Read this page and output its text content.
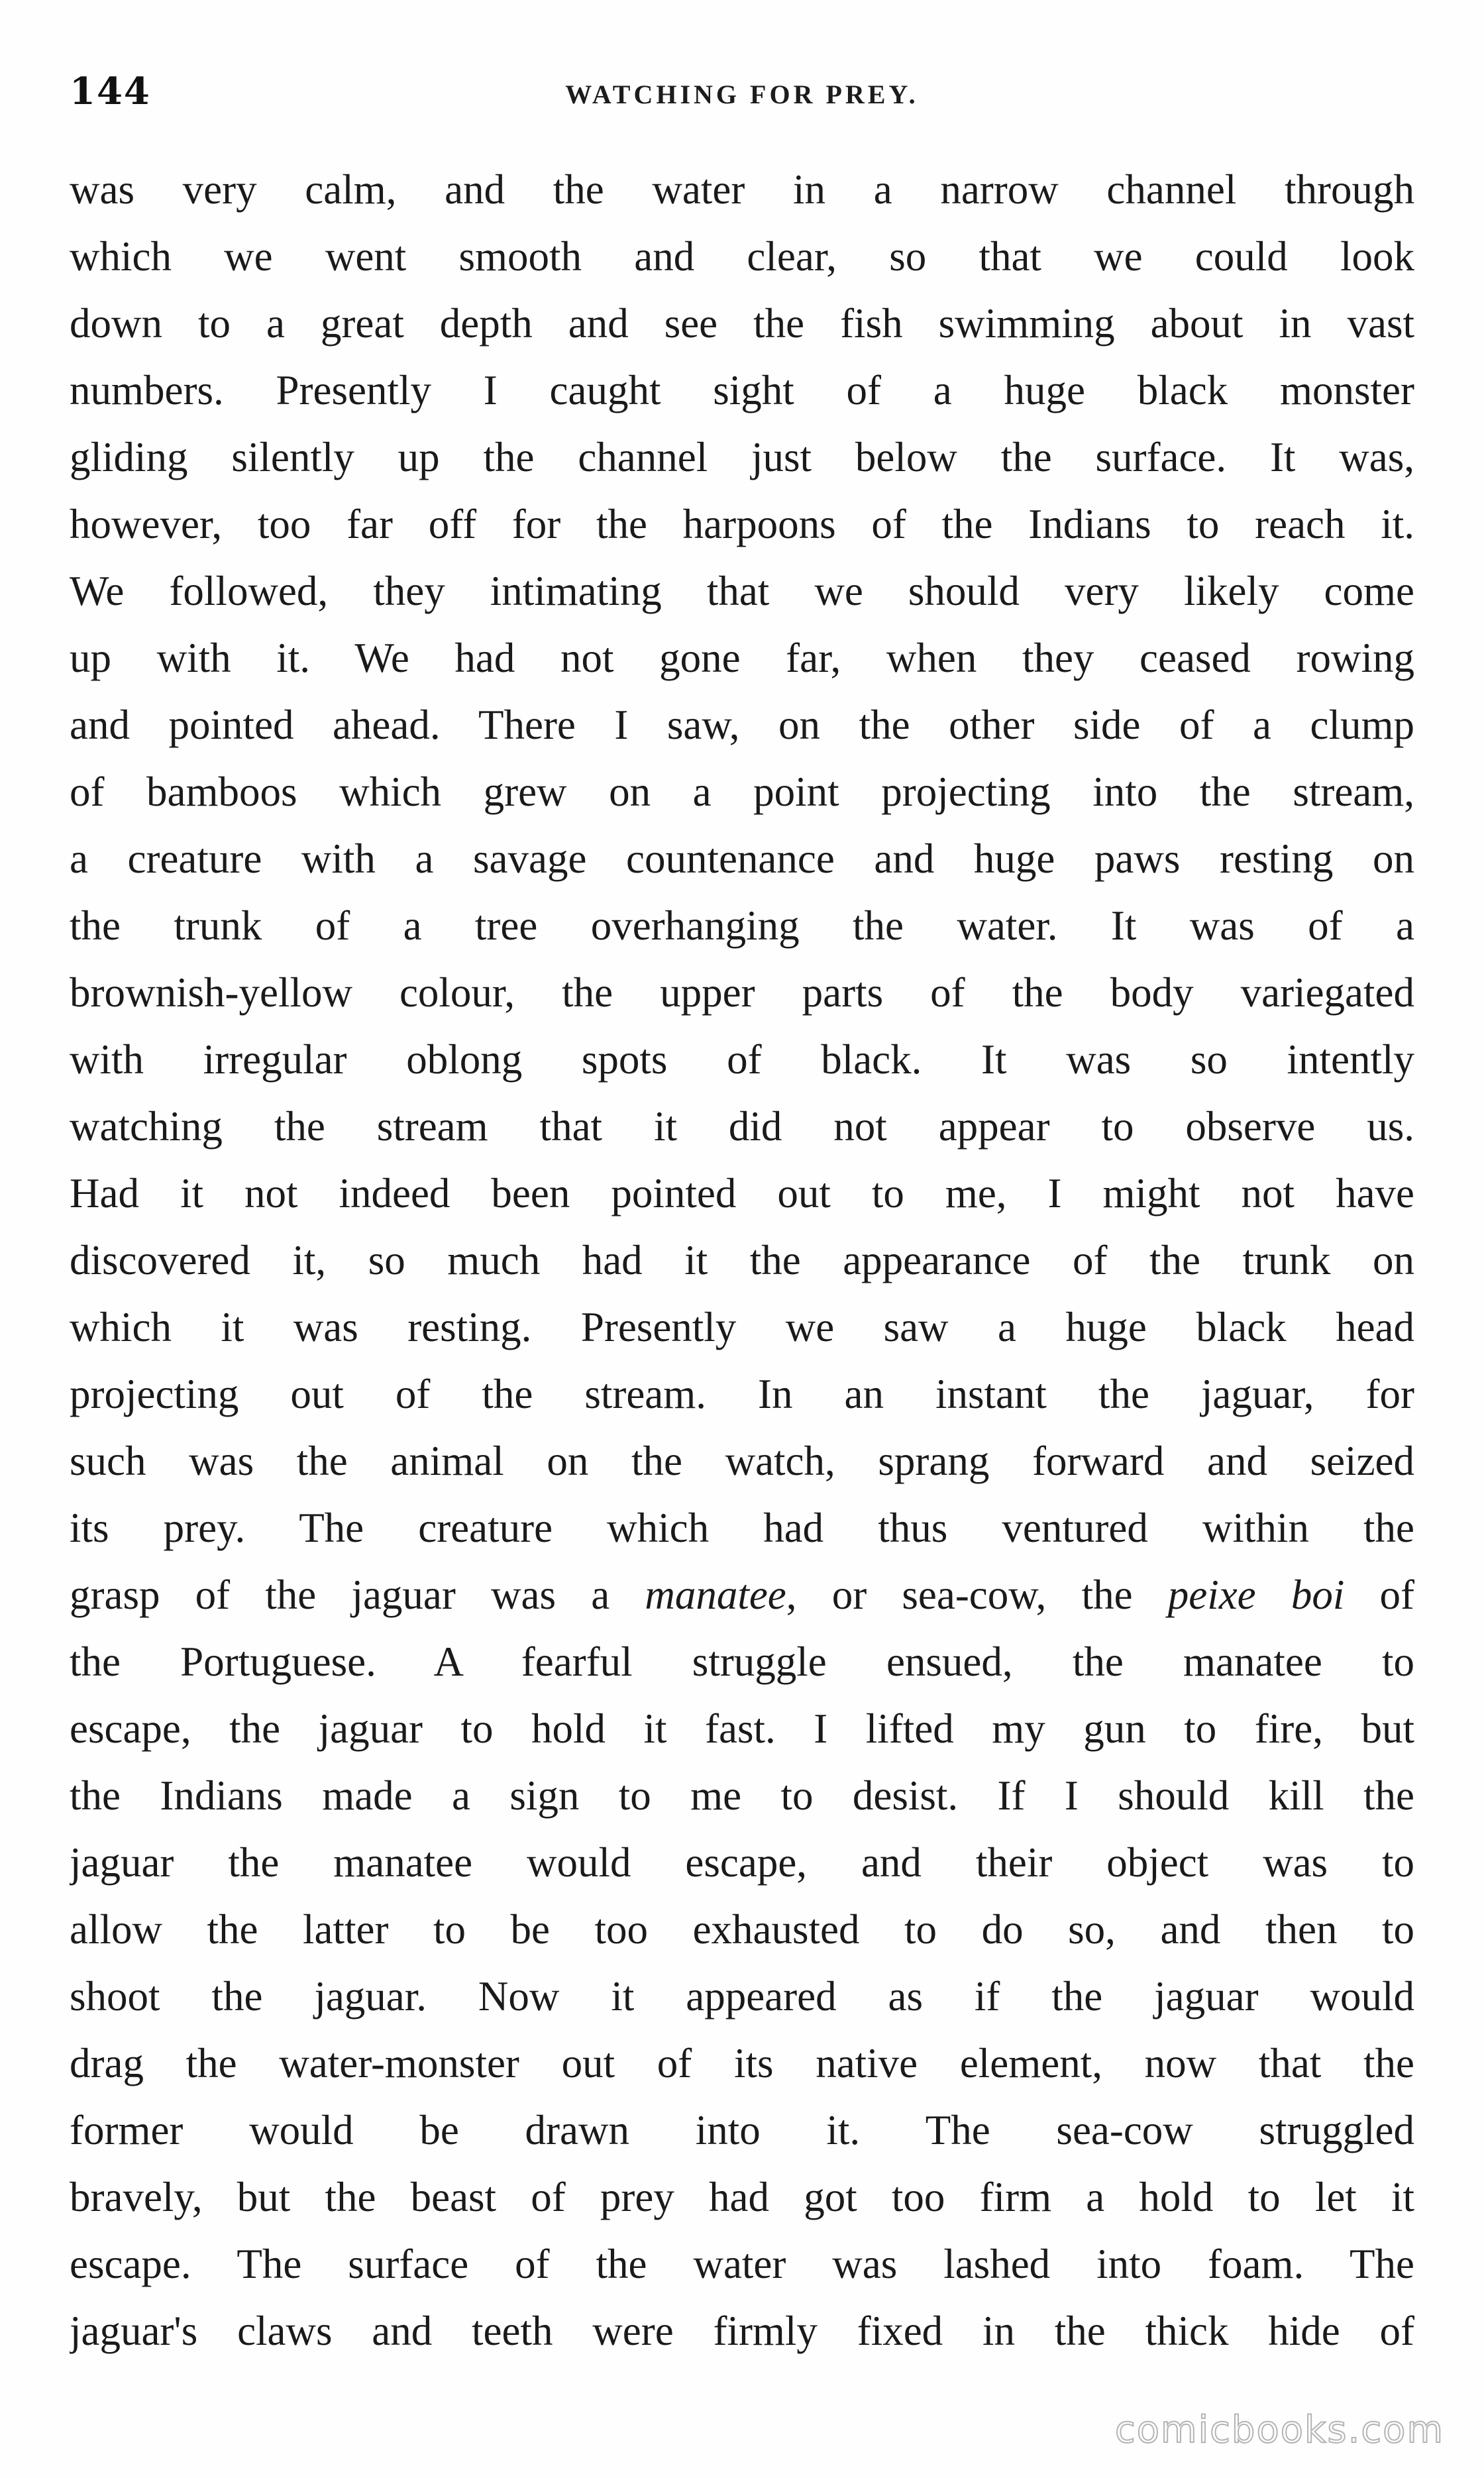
144	WATCHING FOR PREY.
was very calm, and the water in a narrow channel through
which we went smooth and clear, so that we could look
down to a great depth and see the fish swimming about in vast
numbers. Presently I caught sight of a huge black monster
gliding silently up the channel just below the surface. It was,
however, too far off for the harpoons of the Indians to reach it.
We followed, they intimating that we should very likely come
up with it. We had not gone far, when they ceased rowing
and pointed ahead. There I saw, on the other side of a clump
of bamboos which grew on a point projecting into the stream,
a creature with a savage countenance and huge paws resting on
the trunk of a tree overhanging the water. It was of a
brownish-yellow colour, the upper parts of the body variegated
with irregular oblong spots of black. It was so intently
watching the stream that it did not appear to observe us.
Had it not indeed been pointed out to me, I might not have
discovered it, so much had it the appearance of the trunk on
which it was resting. Presently we saw a huge black head
projecting out of the stream. In an instant the jaguar, for
such was the animal on the watch, sprang forward and seized
its prey. The creature which had thus ventured within the
grasp of the jaguar was a manatee, or sea-cow, the peixe boi of
the Portuguese. A fearful struggle ensued, the manatee to
escape, the jaguar to hold it fast. I lifted my gun to fire, but
the Indians made a sign to me to desist. If I should kill the
jaguar the manatee would escape, and their object was to
allow the latter to be too exhausted to do so, and then to
shoot the jaguar. Now it appeared as if the jaguar would
drag the water-monster out of its native element, now that the
former would be drawn into it. The sea-cow struggled
bravely, but the beast of prey had got too firm a hold to let it
escape. The surface of the water was lashed into foam. The
jaguar's claws and teeth were firmly fixed in the thick hide of
comicbooks.com
